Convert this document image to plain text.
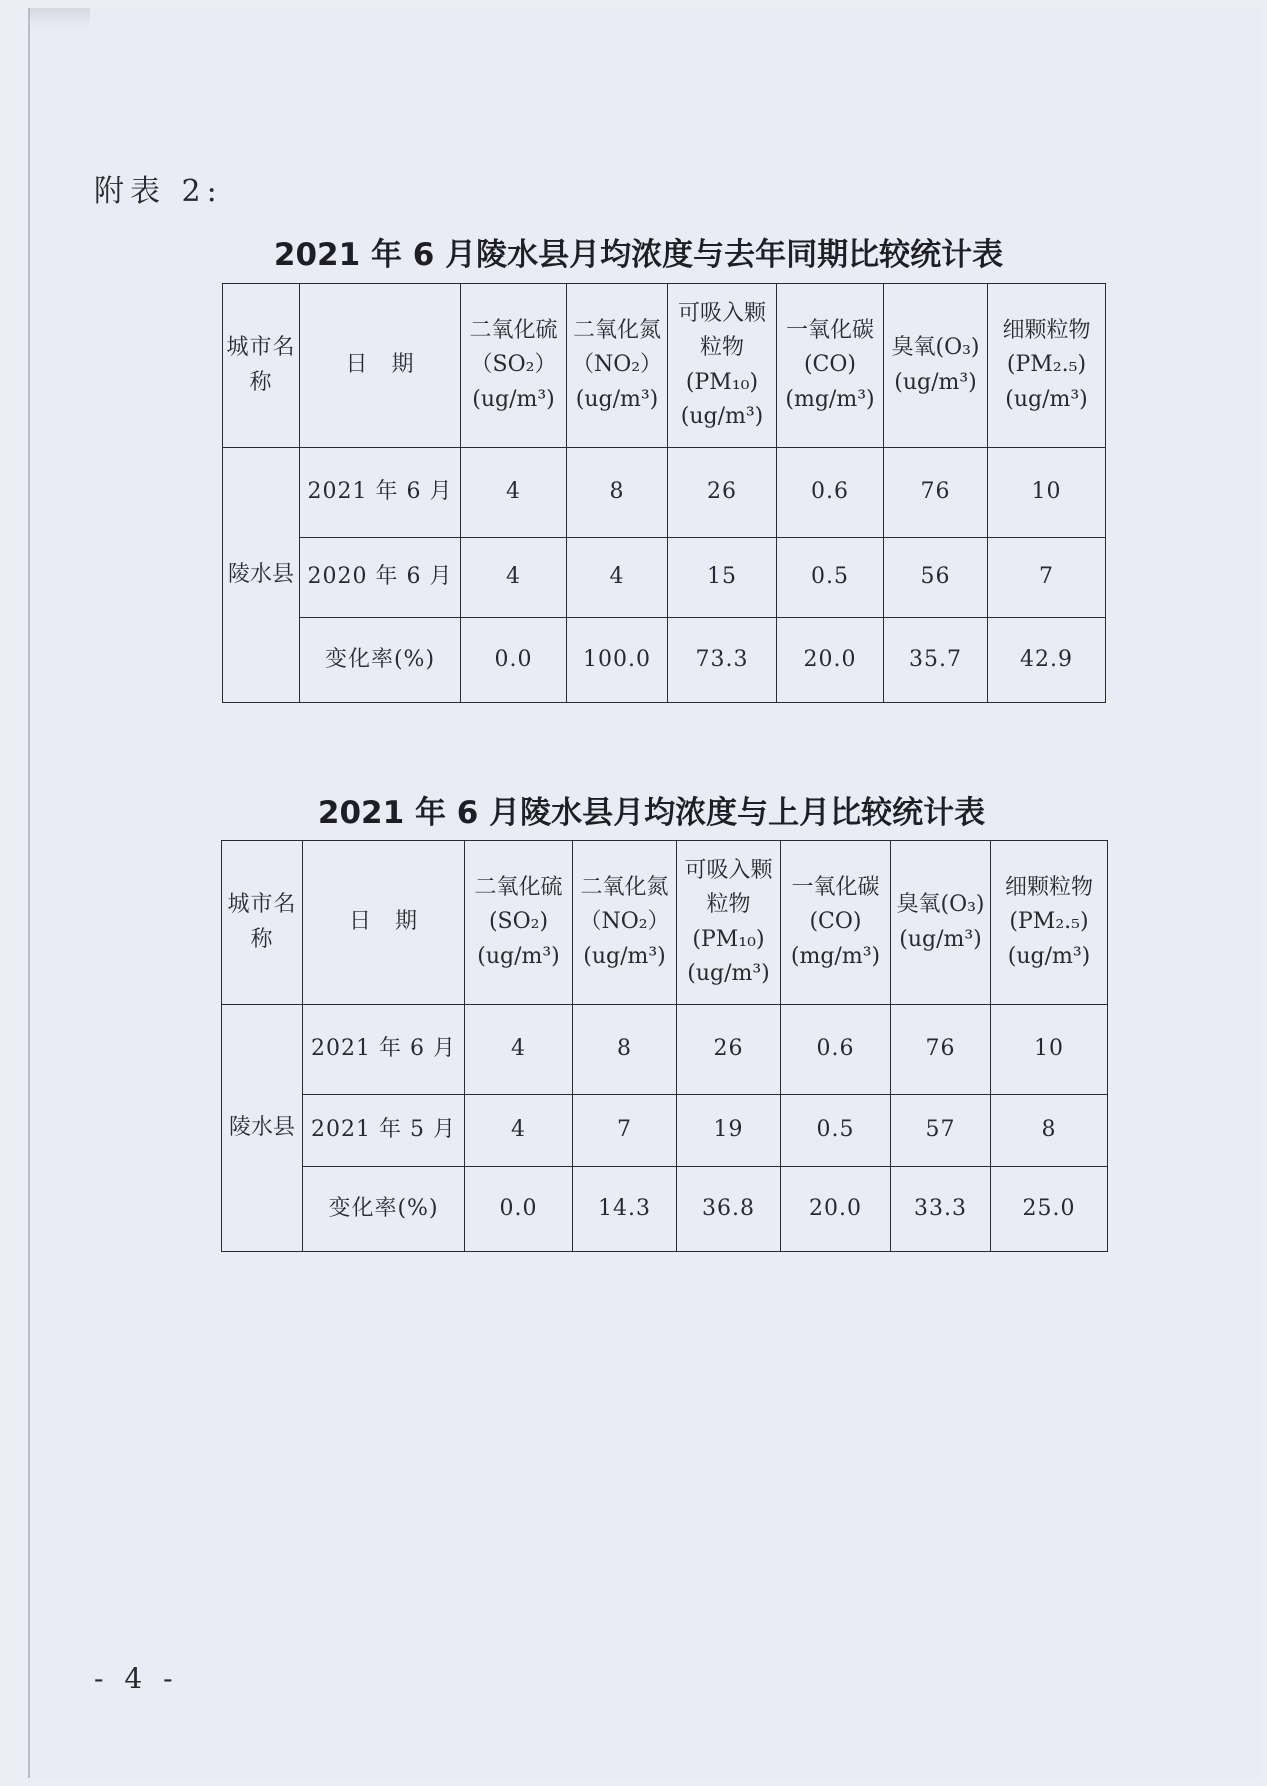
附表 2:
2021 年 6 月陵水县月均浓度与去年同期比较统计表
城市名称	日　期	二氧化硫（SO₂）(ug/m³)	二氧化氮（NO₂）(ug/m³)	可吸入颗粒物 (PM₁₀) (ug/m³)	一氧化碳 (CO) (mg/m³)	臭氧(O₃) (ug/m³)	细颗粒物 (PM₂.₅) (ug/m³)

陵水县	2021 年 6 月	4	8	26	0.6	76	10
	2020 年 6 月	4	4	15	0.5	56	7
	变化率(%)	0.0	100.0	73.3	20.0	35.7	42.9
2021 年 6 月陵水县月均浓度与上月比较统计表
城市名称	日　期	二氧化硫 (SO₂) (ug/m³)	二氧化氮（NO₂）(ug/m³)	可吸入颗粒物 (PM₁₀) (ug/m³)	一氧化碳 (CO) (mg/m³)	臭氧(O₃) (ug/m³)	细颗粒物 (PM₂.₅) (ug/m³)

陵水县	2021 年 6 月	4	8	26	0.6	76	10
	2021 年 5 月	4	7	19	0.5	57	8
	变化率(%)	0.0	14.3	36.8	20.0	33.3	25.0
- 4 -
